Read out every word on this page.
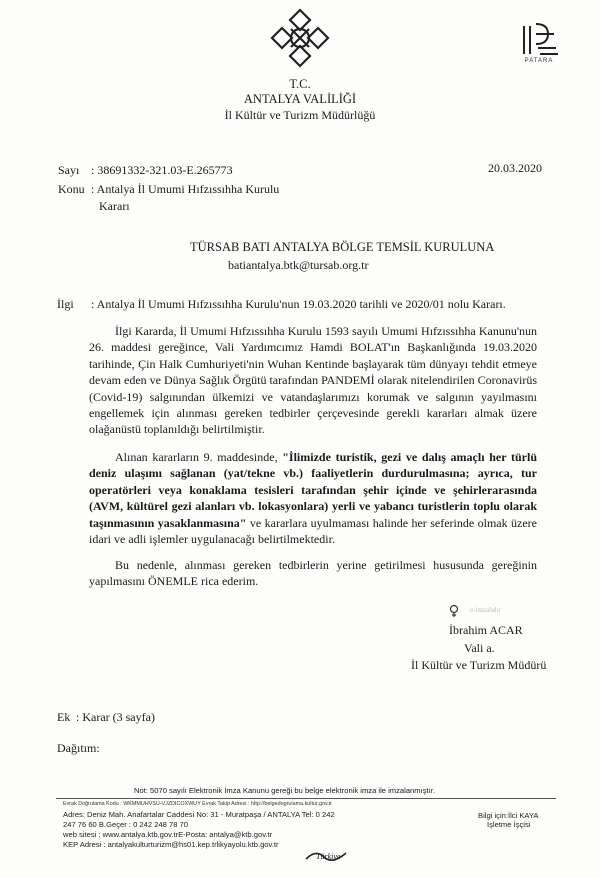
PATARA
T.C.
ANTALYA VALİLİĞİ
İl Kültür ve Turizm Müdürlüğü
Sayı : 38691332-321.03-E.265773	20.03.2020
Konu : Antalya İl Umumi Hıfzıssıhha Kurulu
Kararı
TÜRSAB BATI ANTALYA BÖLGE TEMSİL KURULUNA
batiantalya.btk@tursab.org.tr
İlgi : Antalya İl Umumi Hıfzıssıhha Kurulu'nun 19.03.2020 tarihli ve 2020/01 nolu Kararı.

İlgi Kararda, İl Umumi Hıfzıssıhha Kurulu 1593 sayılı Umumi Hıfzıssıhha Kanunu'nun 26. maddesi gereğince, Vali Yardımcımız Hamdi BOLAT'ın Başkanlığında 19.03.2020 tarihinde, Çin Halk Cumhuriyeti'nin Wuhan Kentinde başlayarak tüm dünyayı tehdit etmeye devam eden ve Dünya Sağlık Örgütü tarafından PANDEMİ olarak nitelendirilen Coronavirüs (Covid-19) salgınından ülkemizi ve vatandaşlarımızı korumak ve salgının yayılmasını engellemek için alınması gereken tedbirler çerçevesinde gerekli kararları almak üzere olağanüstü toplanıldığı belirtilmiştir.

Alınan kararların 9. maddesinde, "İlimizde turistik, gezi ve dalış amaçlı her türlü deniz ulaşımı sağlanan (yat/tekne vb.) faaliyetlerin durdurulmasına; ayrıca, tur operatörleri veya konaklama tesisleri tarafından şehir içinde ve şehirlerarasında (AVM, kültürel gezi alanları vb. lokasyonlara) yerli ve yabancı turistlerin toplu olarak taşınmasının yasaklanmasına" ve kararlara uyulmaması halinde her seferinde olmak üzere idari ve adli işlemler uygulanacağı belirtilmektedir.

Bu nedenle, alınması gereken tedbirlerin yerine getirilmesi hususunda gereğinin yapılmasını ÖNEMLE rica ederim.

e-imzalıdır
İbrahim ACAR
Vali a.
İl Kültür ve Turizm Müdürü
Ek : Karar (3 sayfa)
Dağıtım:
Not: 5070 sayılı Elektronik İmza Kanunu gereği bu belge elektronik imza ile imzalanmıştır.
Evrak Doğrulama Kodu : WKMMUHVSU-VJZDICOXWUY Evrak Takip Adresi : http://belgedogrulama.kultur.gov.tr
Adres: Deniz Mah. Anafartalar Caddesi No: 31 - Muratpaşa / ANTALYA Tel: 0 242
247 76 60 B.Geçer : 0 242 248 78 70
web sitesi : www.antalya.ktb.gov.trE-Posta: antalya@ktb.gov.tr
KEP Adresi : antalyakulturturizm@hs01.kep.trlikyayolu.ktb.gov.tr
Bilgi için:İlci KAYA
İşletme İşçisi
Türkiye
